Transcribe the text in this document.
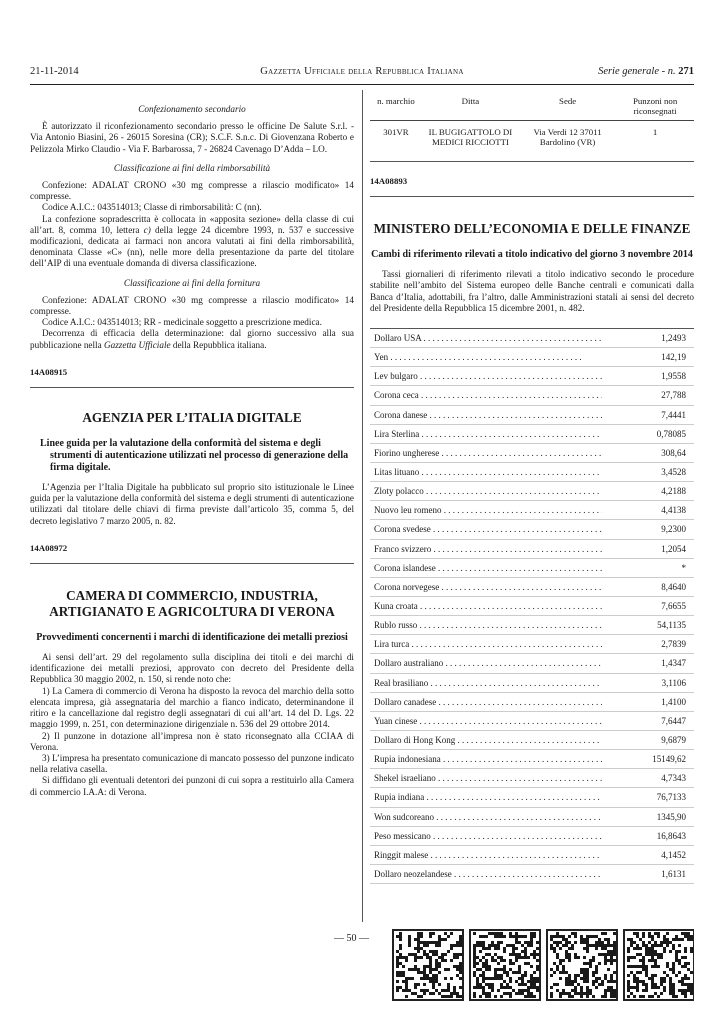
21-11-2014	Gazzetta Ufficiale della Repubblica Italiana	Serie generale - n. 271
Confezionamento secondario

È autorizzato il riconfezionamento secondario presso le officine De Salute S.r.l. - Via Antonio Biasini, 26 - 26015 Soresina (CR); S.C.F. S.n.c. Di Giovenzana Roberto e Pelizzola Mirko Claudio - Via F. Barbarossa, 7 - 26824 Cavenago D’Adda – LO.

Classificazione ai fini della rimborsabilità

Confezione: ADALAT CRONO «30 mg compresse a rilascio modificato» 14 compresse.

Codice A.I.C.: 043514013; Classe di rimborsabilità: C (nn).

La confezione sopradescritta è collocata in «apposita sezione» della classe di cui all’art. 8, comma 10, lettera c) della legge 24 dicembre 1993, n. 537 e successive modificazioni, dedicata ai farmaci non ancora valutati ai fini della rimborsabilità, denominata Classe «C» (nn), nelle more della presentazione da parte del titolare dell’AIP di una eventuale domanda di diversa classificazione.

Classificazione ai fini della fornitura

Confezione: ADALAT CRONO «30 mg compresse a rilascio modificato» 14 compresse.

Codice A.I.C.: 043514013; RR - medicinale soggetto a prescrizione medica.

Decorrenza di efficacia della determinazione: dal giorno successivo alla sua pubblicazione nella Gazzetta Ufficiale della Repubblica italiana.

14A08915
AGENZIA PER L’ITALIA DIGITALE
Linee guida per la valutazione della conformità del sistema e degli strumenti di autenticazione utilizzati nel processo di generazione della firma digitale.

L’Agenzia per l’Italia Digitale ha pubblicato sul proprio sito istituzionale le Linee guida per la valutazione della conformità del sistema e degli strumenti di autenticazione utilizzati dal titolare delle chiavi di firma previste dall’articolo 35, comma 5, del decreto legislativo 7 marzo 2005, n. 82.

14A08972
CAMERA DI COMMERCIO, INDUSTRIA, ARTIGIANATO E AGRICOLTURA DI VERONA
Provvedimenti concernenti i marchi di identificazione dei metalli preziosi

Ai sensi dell’art. 29 del regolamento sulla disciplina dei titoli e dei marchi di identificazione dei metalli preziosi, approvato con decreto del Presidente della Repubblica 30 maggio 2002, n. 150, si rende noto che:

1) La Camera di commercio di Verona ha disposto la revoca del marchio della sotto elencata impresa, già assegnataria del marchio a fianco indicato, determinandone il ritiro e la cancellazione dal registro degli assegnatari di cui all’art. 14 del D. Lgs. 22 maggio 1999, n. 251, con determinazione dirigenziale n. 536 del 29 ottobre 2014.

2) Il punzone in dotazione all’impresa non è stato riconsegnato alla CCIAA di Verona.

3) L’impresa ha presentato comunicazione di mancato possesso del punzone indicato nella relativa casella.

Si diffidano gli eventuali detentori dei punzoni di cui sopra a restituirlo alla Camera di commercio I.A.A: di Verona.

n. marchio	Ditta	Sede	Punzoni non riconsegnati
301VR	IL BUGIGATTOLO DI MEDICI RICCIOTTI	Via Verdi 12 37011 Bardolino (VR)	1
14A08893
MINISTERO DELL’ECONOMIA E DELLE FINANZE
Cambi di riferimento rilevati a titolo indicativo del giorno 3 novembre 2014

Tassi giornalieri di riferimento rilevati a titolo indicativo secondo le procedure stabilite nell’ambito del Sistema europeo delle Banche centrali e comunicati dalla Banca d’Italia, adottabili, fra l’altro, dalle Amministrazioni statali ai sensi del decreto del Presidente della Repubblica 15 dicembre 2001, n. 482.

Dollaro USA . . .	1,2493
Yen . . .	142,19
Lev bulgaro . . .	1,9558
Corona ceca . . .	27,788
Corona danese . . .	7,4441
Lira Sterlina . . .	0,78085
Fiorino ungherese . . .	308,64
Litas lituano . . .	3,4528
Zloty polacco . . .	4,2188
Nuovo leu romeno . . .	4,4138
Corona svedese . . .	9,2300
Franco svizzero . . .	1,2054
Corona islandese . . .	*
Corona norvegese . . .	8,4640
Kuna croata . . .	7,6655
Rublo russo . . .	54,1135
Lira turca . . .	2,7839
Dollaro australiano . . .	1,4347
Real brasiliano . . .	3,1106
Dollaro canadese . . .	1,4100
Yuan cinese . . .	7,6447
Dollaro di Hong Kong . . .	9,6879
Rupia indonesiana . . .	15149,62
Shekel israeliano . . .	4,7343
Rupia indiana . . .	76,7133
Won sudcoreano . . .	1345,90
Peso messicano . . .	16,8643
Ringgit malese . . .	4,1452
Dollaro neozelandese . . .	1,6131
— 50 —
